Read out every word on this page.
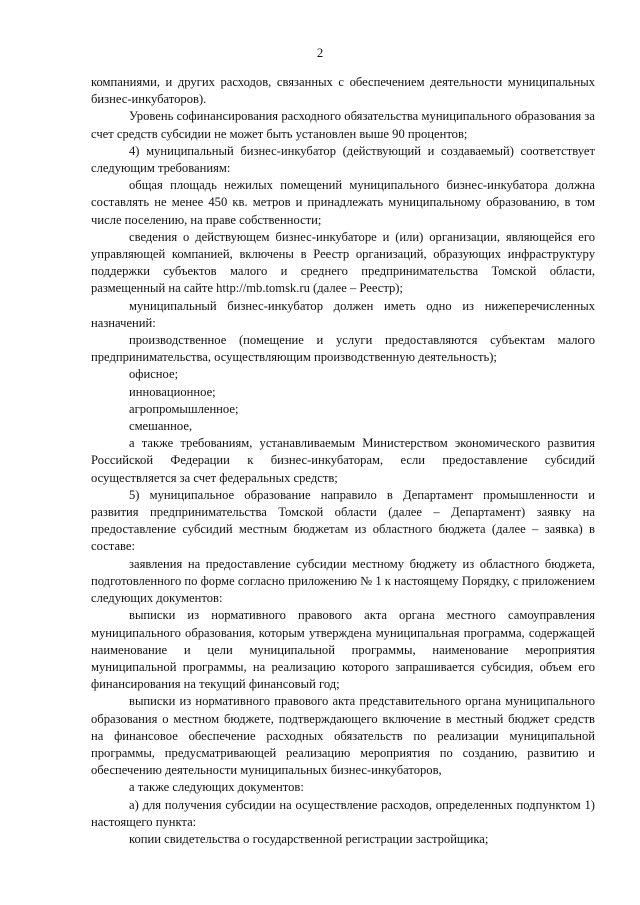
2

компаниями, и других расходов, связанных с обеспечением деятельности муниципальных бизнес-инкубаторов).

Уровень софинансирования расходного обязательства муниципального образования за счет средств субсидии не может быть установлен выше 90 процентов;

4) муниципальный бизнес-инкубатор (действующий и создаваемый) соответствует следующим требованиям:

общая площадь нежилых помещений муниципального бизнес-инкубатора должна составлять не менее 450 кв. метров и принадлежать муниципальному образованию, в том числе поселению, на праве собственности;

сведения о действующем бизнес-инкубаторе и (или) организации, являющейся его управляющей компанией, включены в Реестр организаций, образующих инфраструктуру поддержки субъектов малого и среднего предпринимательства Томской области, размещенный на сайте http://mb.tomsk.ru (далее – Реестр);

муниципальный бизнес-инкубатор должен иметь одно из нижеперечисленных назначений:

производственное (помещение и услуги предоставляются субъектам малого предпринимательства, осуществляющим производственную деятельность);

офисное;

инновационное;

агропромышленное;

смешанное,

а также требованиям, устанавливаемым Министерством экономического развития Российской Федерации к бизнес-инкубаторам, если предоставление субсидий осуществляется за счет федеральных средств;

5) муниципальное образование направило в Департамент промышленности и развития предпринимательства Томской области (далее – Департамент) заявку на предоставление субсидий местным бюджетам из областного бюджета (далее – заявка) в составе:

заявления на предоставление субсидии местному бюджету из областного бюджета, подготовленного по форме согласно приложению № 1 к настоящему Порядку, с приложением следующих документов:

выписки из нормативного правового акта органа местного самоуправления муниципального образования, которым утверждена муниципальная программа, содержащей наименование и цели муниципальной программы, наименование мероприятия муниципальной программы, на реализацию которого запрашивается субсидия, объем его финансирования на текущий финансовый год;

выписки из нормативного правового акта представительного органа муниципального образования о местном бюджете, подтверждающего включение в местный бюджет средств на финансовое обеспечение расходных обязательств по реализации муниципальной программы, предусматривающей реализацию мероприятия по созданию, развитию и обеспечению деятельности муниципальных бизнес-инкубаторов,

а также следующих документов:

а) для получения субсидии на осуществление расходов, определенных подпунктом 1) настоящего пункта:

копии свидетельства о государственной регистрации застройщика;
